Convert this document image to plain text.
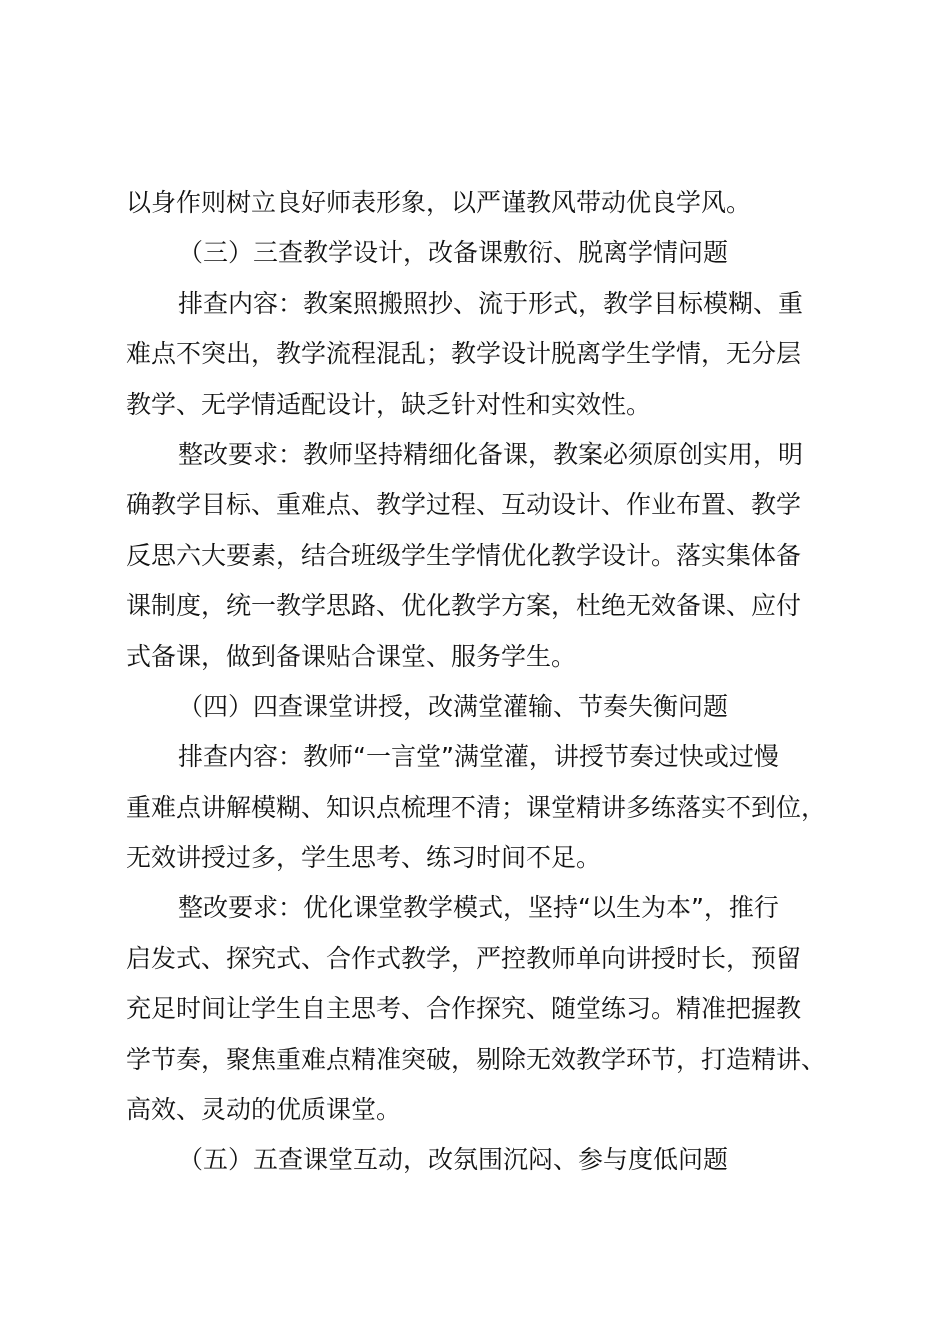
以身作则树立良好师表形象，以严谨教风带动优良学风。
（三）三查教学设计，改备课敷衍、脱离学情问题
排查内容：教案照搬照抄、流于形式，教学目标模糊、重
难点不突出，教学流程混乱；教学设计脱离学生学情，无分层
教学、无学情适配设计，缺乏针对性和实效性。
整改要求：教师坚持精细化备课，教案必须原创实用，明
确教学目标、重难点、教学过程、互动设计、作业布置、教学
反思六大要素，结合班级学生学情优化教学设计。落实集体备
课制度，统一教学思路、优化教学方案，杜绝无效备课、应付
式备课，做到备课贴合课堂、服务学生。
（四）四查课堂讲授，改满堂灌输、节奏失衡问题
排查内容：教师“一言堂”满堂灌，讲授节奏过快或过慢
重难点讲解模糊、知识点梳理不清；课堂精讲多练落实不到位，
无效讲授过多，学生思考、练习时间不足。
整改要求：优化课堂教学模式，坚持“以生为本”，推行
启发式、探究式、合作式教学，严控教师单向讲授时长，预留
充足时间让学生自主思考、合作探究、随堂练习。精准把握教
学节奏，聚焦重难点精准突破，剔除无效教学环节，打造精讲、
高效、灵动的优质课堂。
（五）五查课堂互动，改氛围沉闷、参与度低问题
